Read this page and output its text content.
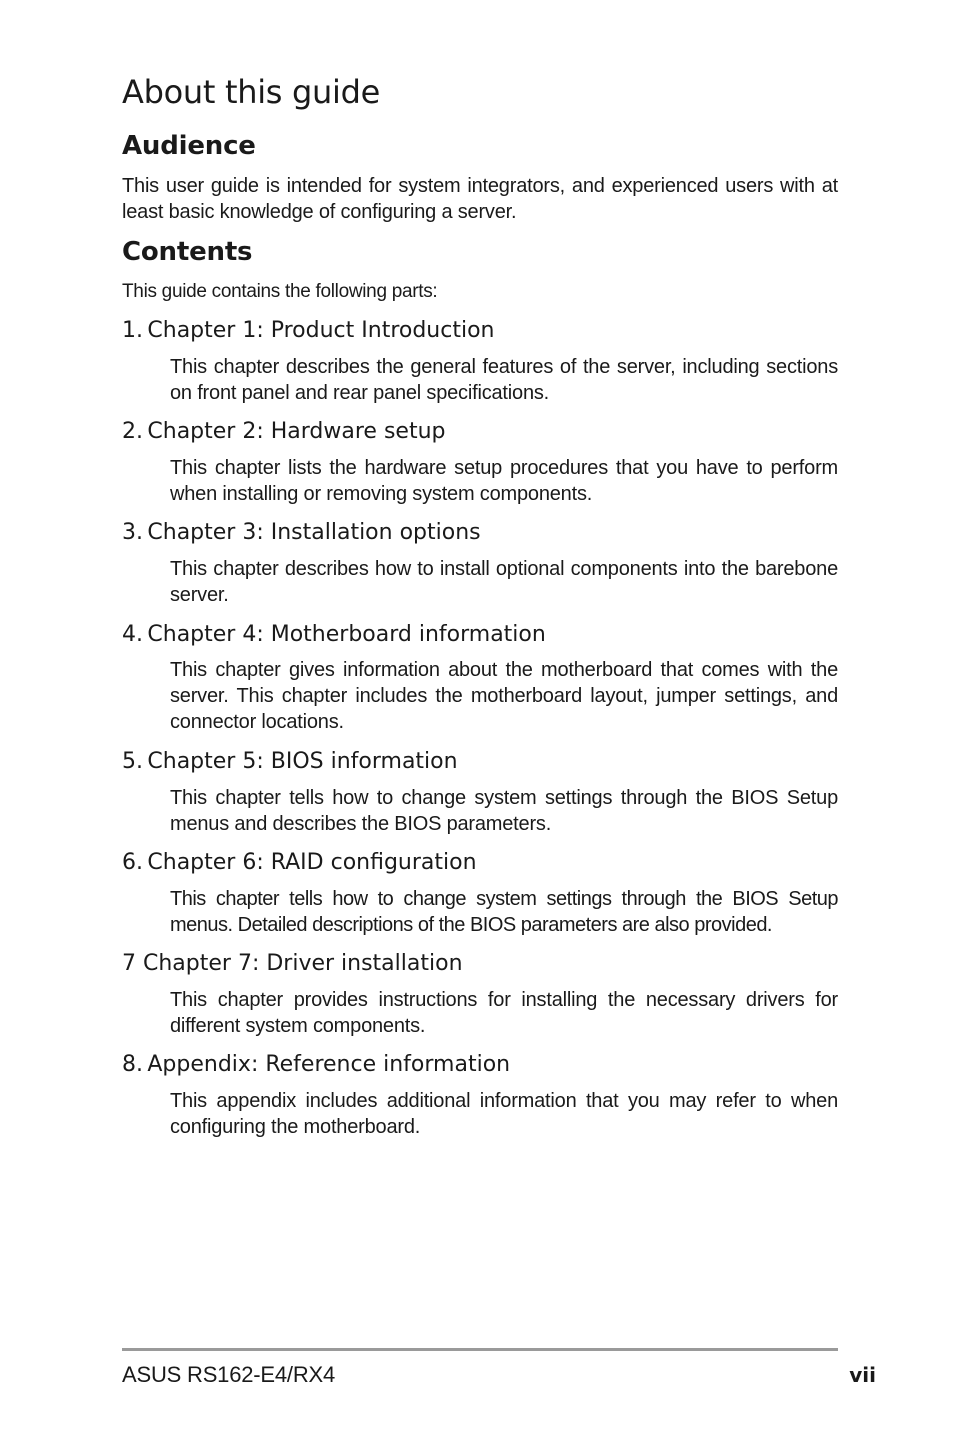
About this guide
Audience

This user guide is intended for system integrators, and experienced users with at least basic knowledge of configuring a server.

Contents

This guide contains the following parts:

1. Chapter 1: Product Introduction

This chapter describes the general features of the server, including sections on front panel and rear panel specifications.

2. Chapter 2: Hardware setup

This chapter lists the hardware setup procedures that you have to perform when installing or removing system components.

3. Chapter 3: Installation options

This chapter describes how to install optional components into the barebone server.

4. Chapter 4: Motherboard information

This chapter gives information about the motherboard that comes with the server. This chapter includes the motherboard layout, jumper settings, and connector locations.

5. Chapter 5: BIOS information

This chapter tells how to change system settings through the BIOS Setup menus and describes the BIOS parameters.

6. Chapter 6: RAID configuration

This chapter tells how to change system settings through the BIOS Setup menus. Detailed descriptions of the BIOS parameters are also provided.

7 Chapter 7: Driver installation

This chapter provides instructions for installing the necessary drivers for different system components.

8. Appendix: Reference information

This appendix includes additional information that you may refer to when configuring the motherboard.

ASUS RS162-E4/RX4	vii
